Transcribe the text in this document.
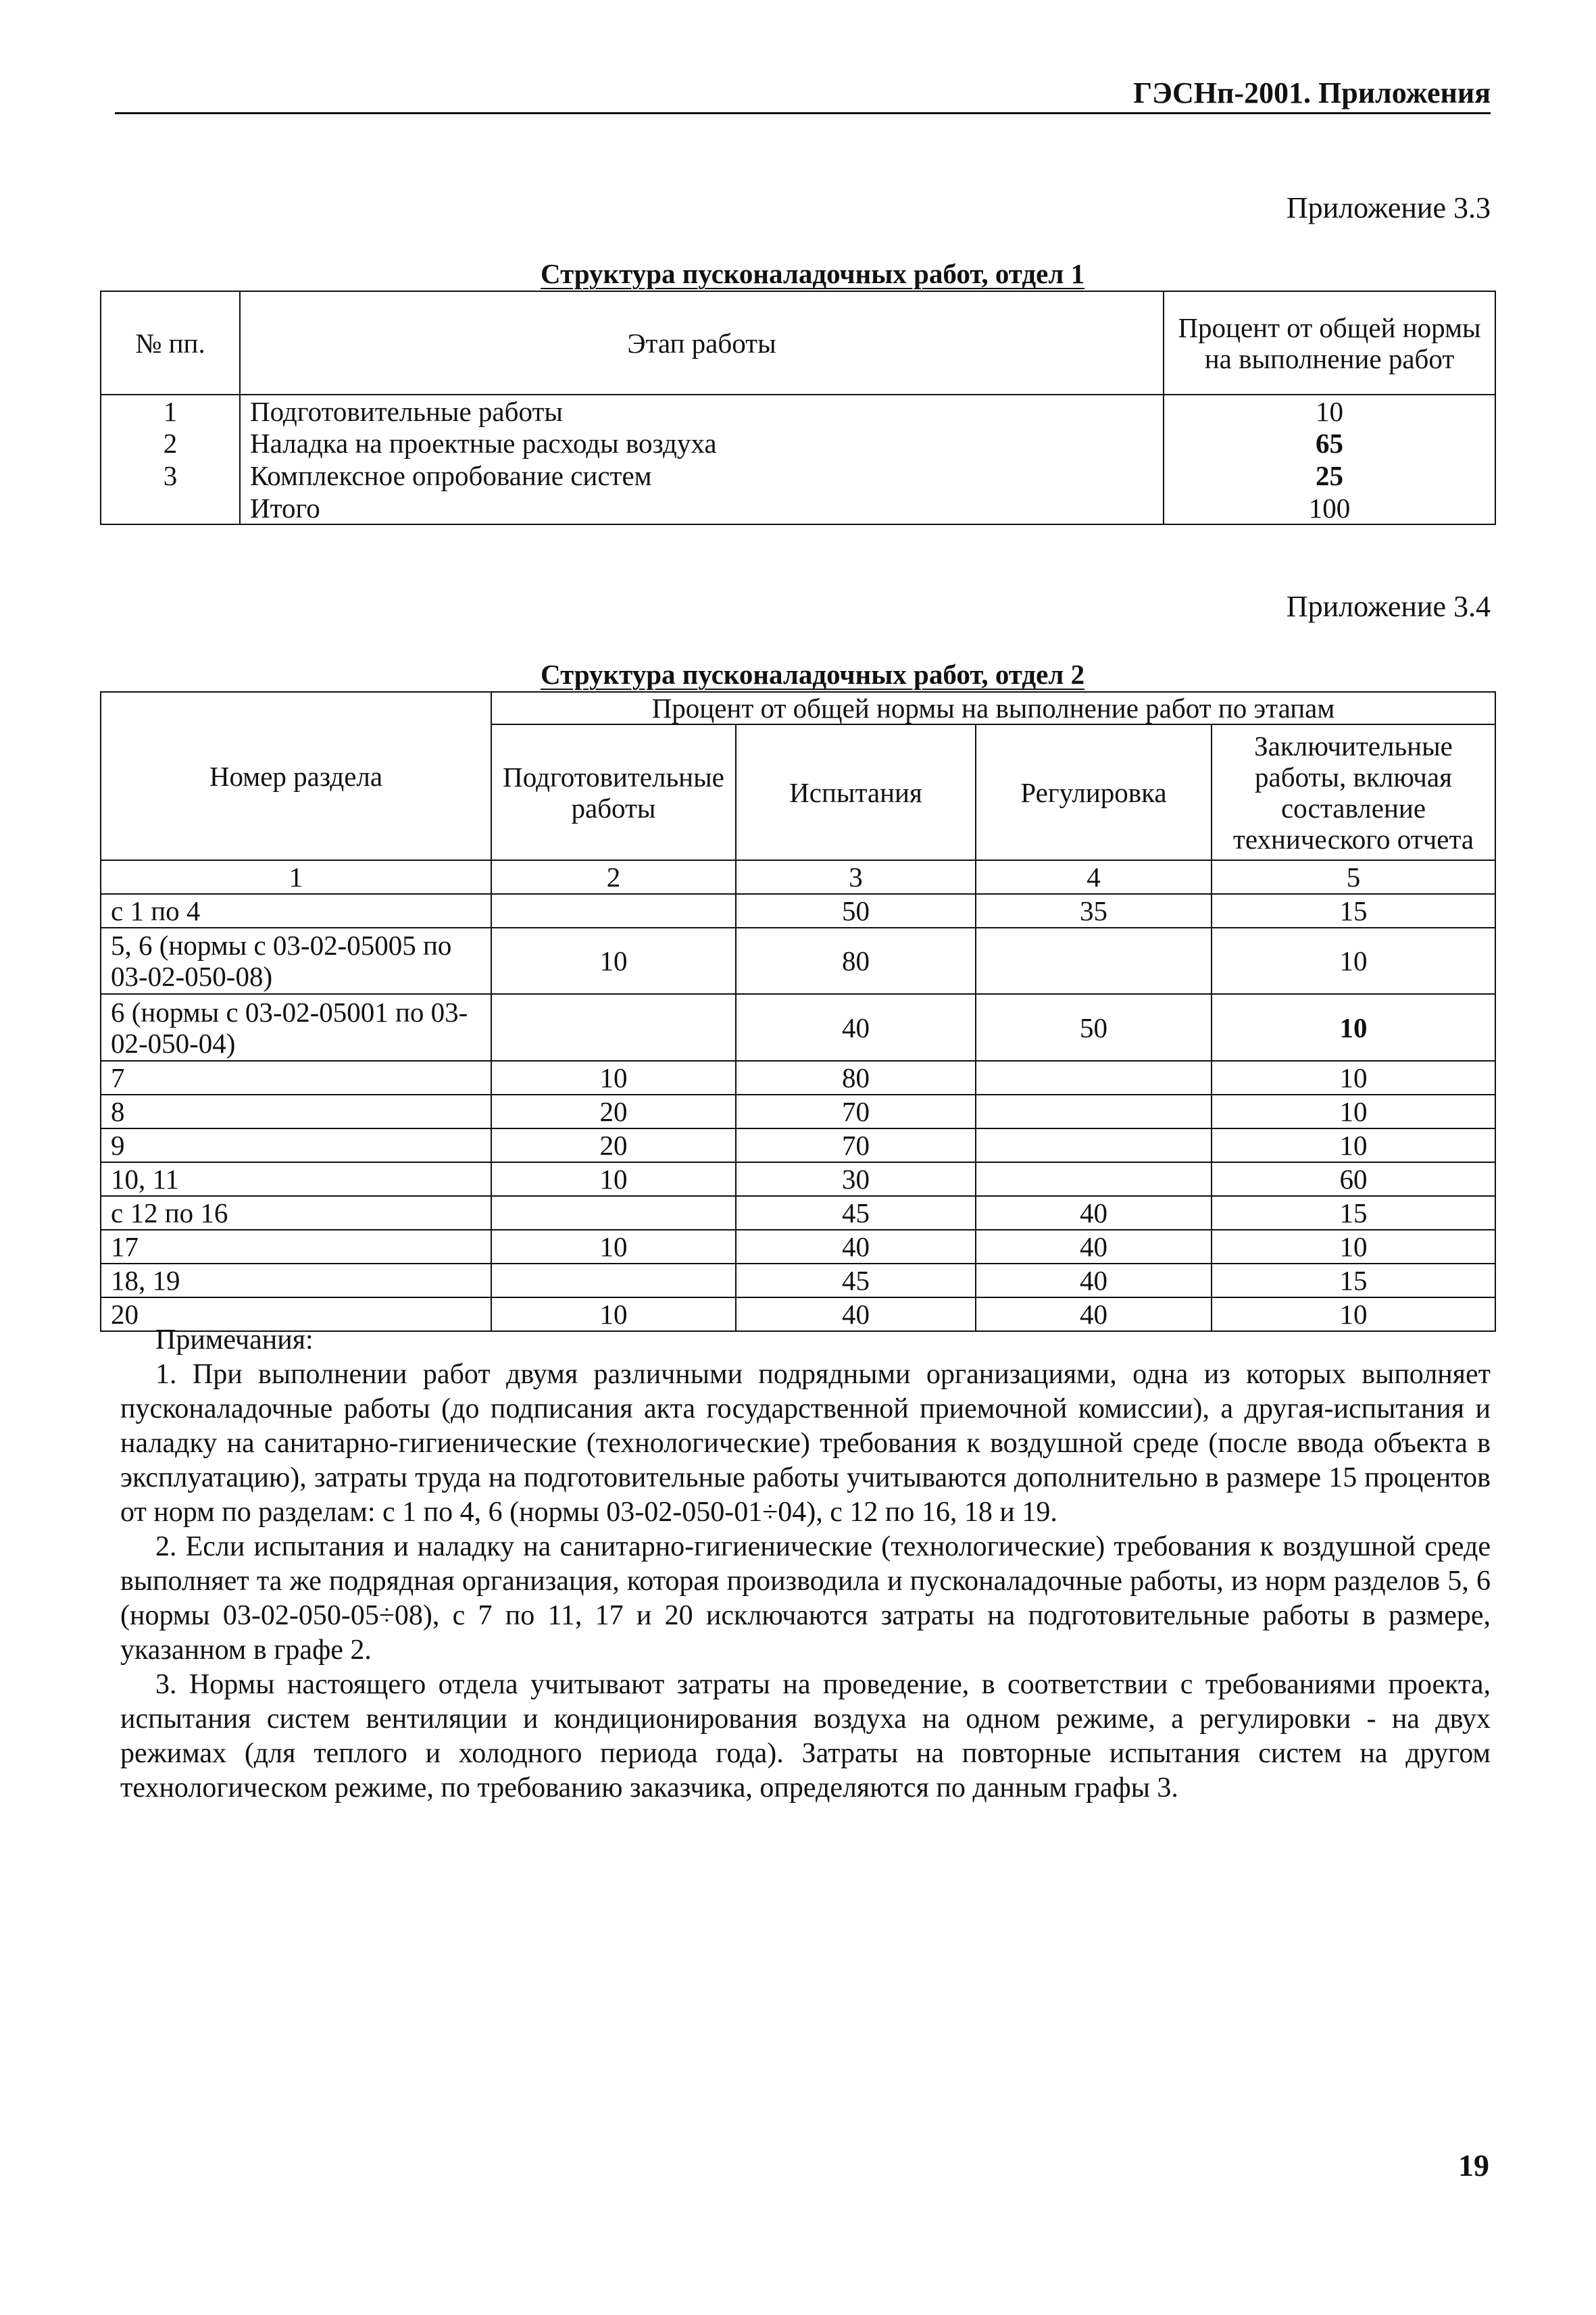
ГЭСНп-2001. Приложения
Приложение 3.3
Структура пусконаладочных работ, отдел 1
№ пп.	Этап работы	Процент от общей нормы на выполнение работ
1	Подготовительные работы	10
2	Наладка на проектные расходы воздуха	65
3	Комплексное опробование систем	25
	Итого	100
Приложение 3.4
Структура пусконаладочных работ, отдел 2
Номер раздела	Процент от общей нормы на выполнение работ по этапам			
	Подготовительные работы	Испытания	Регулировка	Заключительные работы, включая составление технического отчета
1	2	3	4	5
с 1 по 4		50	35	15
5, 6 (нормы с 03-02-05005 по 03-02-050-08)	10	80		10
6 (нормы с 03-02-05001 по 03-02-050-04)		40	50	10
7	10	80		10
8	20	70		10
9	20	70		10
10, 11	10	30		60
с 12 по 16		45	40	15
17	10	40	40	10
18, 19		45	40	15
20	10	40	40	10
Примечания:

1. При выполнении работ двумя различными подрядными организациями, одна из которых выполняет пусконаладочные работы (до подписания акта государственной приемочной комиссии), а другая-испытания и наладку на санитарно-гигиенические (технологические) требования к воздушной среде (после ввода объекта в эксплуатацию), затраты труда на подготовительные работы учитываются дополнительно в размере 15 процентов от норм по разделам: с 1 по 4, 6 (нормы 03-02-050-01÷04), с 12 по 16, 18 и 19.

2. Если испытания и наладку на санитарно-гигиенические (технологические) требования к воздушной среде выполняет та же подрядная организация, которая производила и пусконаладочные работы, из норм разделов 5, 6 (нормы 03-02-050-05÷08), с 7 по 11, 17 и 20 исключаются затраты на подготовительные работы в размере, указанном в графе 2.

3. Нормы настоящего отдела учитывают затраты на проведение, в соответствии с требованиями проекта, испытания систем вентиляции и кондиционирования воздуха на одном режиме, а регулировки - на двух режимах (для теплого и холодного периода года). Затраты на повторные испытания систем на другом технологическом режиме, по требованию заказчика, определяются по данным графы 3.

19
